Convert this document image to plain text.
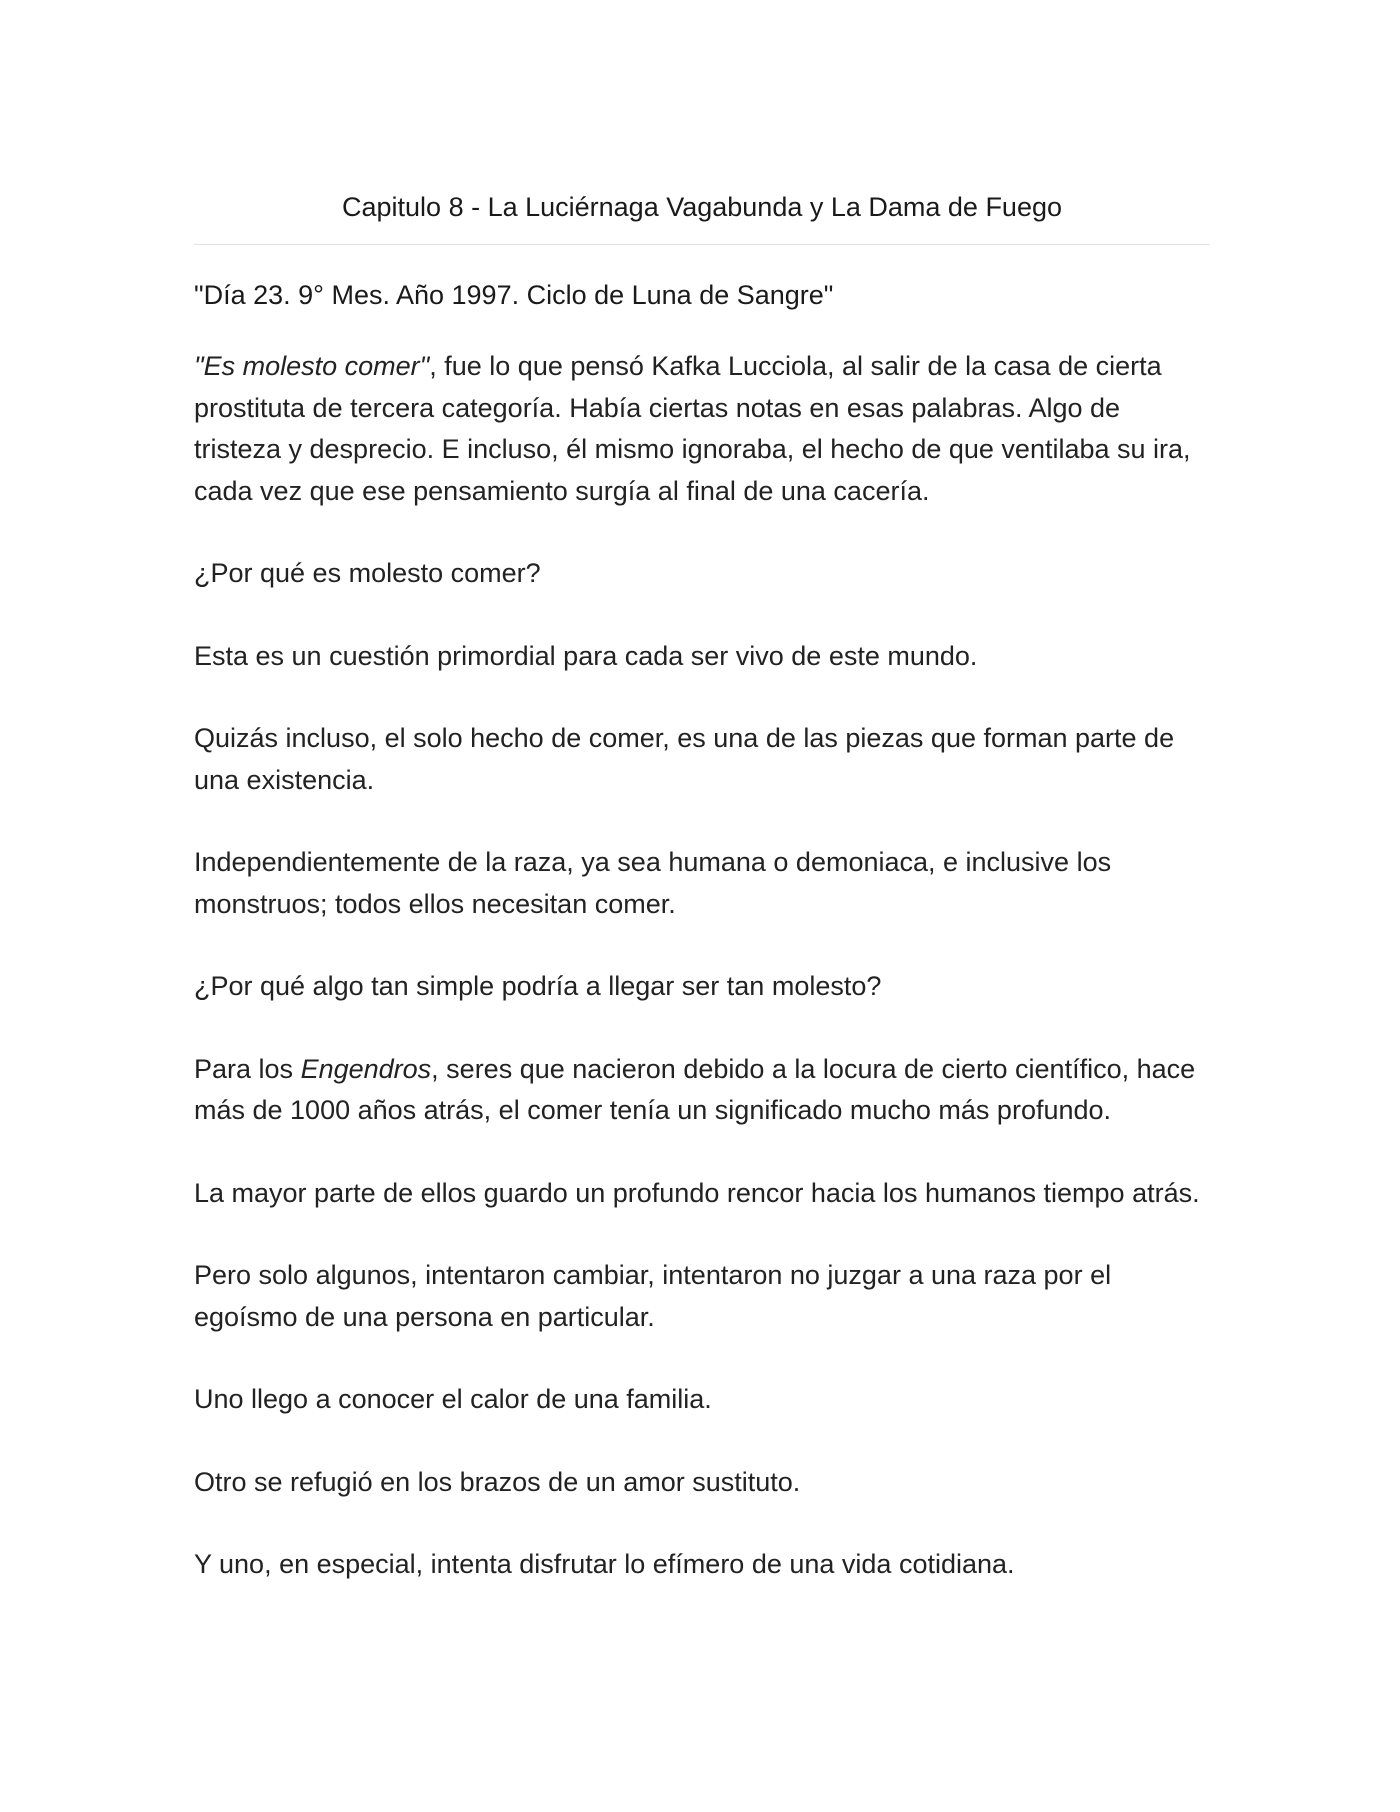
Capitulo 8 - La Luciérnaga Vagabunda y La Dama de Fuego

"Día 23. 9° Mes. Año 1997. Ciclo de Luna de Sangre"

"Es molesto comer", fue lo que pensó Kafka Lucciola, al salir de la casa de cierta prostituta de tercera categoría. Había ciertas notas en esas palabras. Algo de tristeza y desprecio. E incluso, él mismo ignoraba, el hecho de que ventilaba su ira, cada vez que ese pensamiento surgía al final de una cacería.

¿Por qué es molesto comer?

Esta es un cuestión primordial para cada ser vivo de este mundo.

Quizás incluso, el solo hecho de comer, es una de las piezas que forman parte de una existencia.

Independientemente de la raza, ya sea humana o demoniaca, e inclusive los monstruos; todos ellos necesitan comer.

¿Por qué algo tan simple podría a llegar ser tan molesto?

Para los Engendros, seres que nacieron debido a la locura de cierto científico, hace más de 1000 años atrás, el comer tenía un significado mucho más profundo.

La mayor parte de ellos guardo un profundo rencor hacia los humanos tiempo atrás.

Pero solo algunos, intentaron cambiar, intentaron no juzgar a una raza por el egoísmo de una persona en particular.

Uno llego a conocer el calor de una familia.

Otro se refugió en los brazos de un amor sustituto.

Y uno, en especial, intenta disfrutar lo efímero de una vida cotidiana.
